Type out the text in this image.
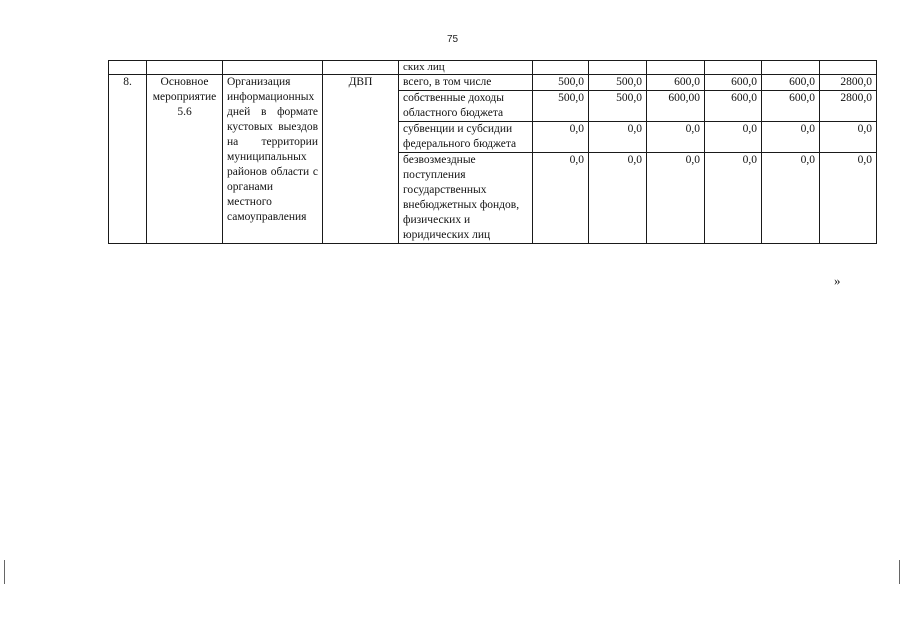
75
				ских лиц						
8.	Основное мероприятие 5.6	Организация информационных дней в формате кустовых выездов на территории муниципальных районов области с органами местного самоуправления	ДВП	всего, в том числе	500,0	500,0	600,0	600,0	600,0	2800,0
				собственные доходы областного бюджета	500,0	500,0	600,00	600,0	600,0	2800,0
				субвенции и субсидии федерального бюджета	0,0	0,0	0,0	0,0	0,0	0,0
				безвозмездные поступления государственных внебюджетных фондов, физических и юридических лиц	0,0	0,0	0,0	0,0	0,0	0,0
»
